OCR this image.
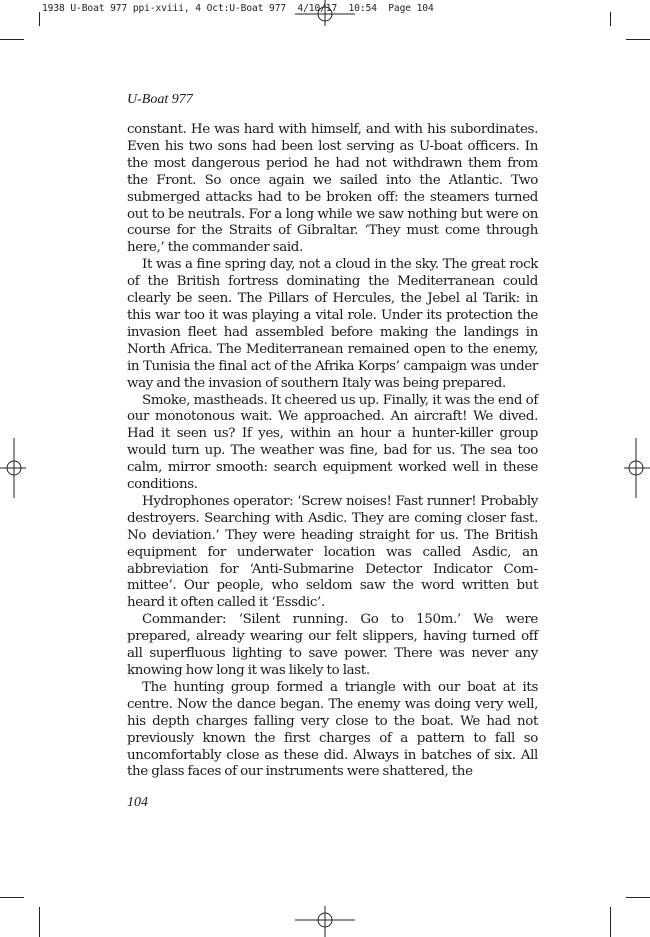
1938 U-Boat 977 ppi-xviii, 4 Oct:U-Boat 977  4/10/17  10:54  Page 104
U-Boat 977

constant. He was hard with himself, and with his subordinates. Even his two sons had been lost serving as U-boat officers. In the most dangerous period he had not withdrawn them from the Front. So once again we sailed into the Atlantic. Two submerged attacks had to be broken off: the steamers turned out to be neutrals. For a long while we saw nothing but were on course for the Straits of Gibraltar. ‘They must come through here,’ the commander said.

It was a fine spring day, not a cloud in the sky. The great rock of the British fortress dominating the Mediterranean could clearly be seen. The Pillars of Hercules, the Jebel al Tarik: in this war too it was playing a vital role. Under its protection the invasion fleet had assembled before making the landings in North Africa. The Mediterranean remained open to the enemy, in Tunisia the final act of the Afrika Korps’ campaign was under way and the invasion of southern Italy was being prepared.

Smoke, mastheads. It cheered us up. Finally, it was the end of our monotonous wait. We approached. An aircraft! We dived. Had it seen us? If yes, within an hour a hunter-killer group would turn up. The weather was fine, bad for us. The sea too calm, mirror smooth: search equipment worked well in these conditions.

Hydrophones operator: ‘Screw noises! Fast runner! Probably destroyers. Searching with Asdic. They are coming closer fast. No deviation.’ They were heading straight for us. The British equipment for underwater location was called Asdic, an abbreviation for ‘Anti-Submarine Detector Indicator Committee’. Our people, who seldom saw the word written but heard it often called it ‘Essdic’.

Commander: ‘Silent running. Go to 150m.’ We were prepared, already wearing our felt slippers, having turned off all superfluous lighting to save power. There was never any knowing how long it was likely to last.

The hunting group formed a triangle with our boat at its centre. Now the dance began. The enemy was doing very well, his depth charges falling very close to the boat. We had not previously known the first charges of a pattern to fall so uncomfortably close as these did. Always in batches of six. All the glass faces of our instruments were shattered, the

104
